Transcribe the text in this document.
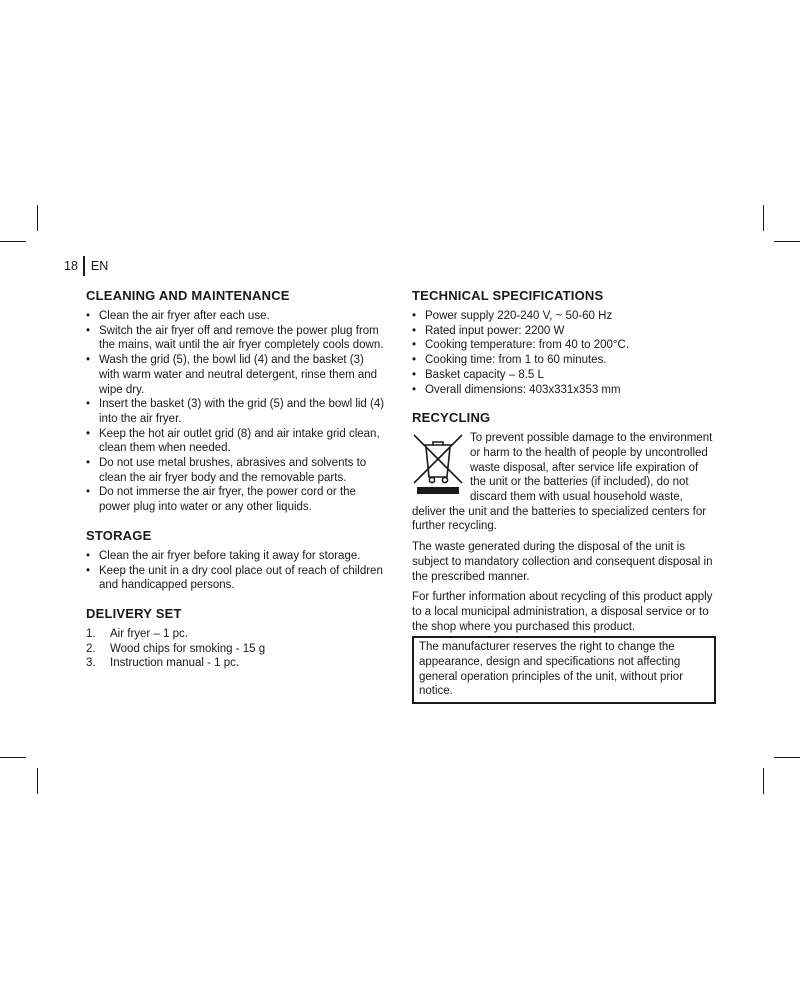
18 EN
CLEANING AND MAINTENANCE
• Clean the air fryer after each use.
• Switch the air fryer off and remove the power plug from the mains, wait until the air fryer completely cools down.
• Wash the grid (5), the bowl lid (4) and the basket (3) with warm water and neutral detergent, rinse them and wipe dry.
• Insert the basket (3) with the grid (5) and the bowl lid (4) into the air fryer.
• Keep the hot air outlet grid (8) and air intake grid clean, clean them when needed.
• Do not use metal brushes, abrasives and solvents to clean the air fryer body and the removable parts.
• Do not immerse the air fryer, the power cord or the power plug into water or any other liquids.
STORAGE
• Clean the air fryer before taking it away for storage.
• Keep the unit in a dry cool place out of reach of children and handicapped persons.
DELIVERY SET
1.	Air fryer – 1 pc.
2.	Wood chips for smoking - 15 g
3.	Instruction manual - 1 pc.
TECHNICAL SPECIFICATIONS
• Power supply 220-240 V, ~ 50-60 Hz
• Rated input power: 2200 W
• Cooking temperature: from 40 to 200°C.
• Cooking time: from 1 to 60 minutes.
• Basket capacity – 8.5 L
• Overall dimensions: 403x331x353 mm
RECYCLING

To prevent possible damage to the environment or harm to the health of people by uncontrolled waste disposal, after service life expiration of the unit or the batteries (if included), do not discard them with usual household waste, deliver the unit and the batteries to specialized centers for further recycling.

The waste generated during the disposal of the unit is subject to mandatory collection and consequent disposal in the prescribed manner.

For further information about recycling of this product apply to a local municipal administration, a disposal service or to the shop where you purchased this product.

The manufacturer reserves the right to change the appearance, design and specifications not affecting general operation principles of the unit, without prior notice.
